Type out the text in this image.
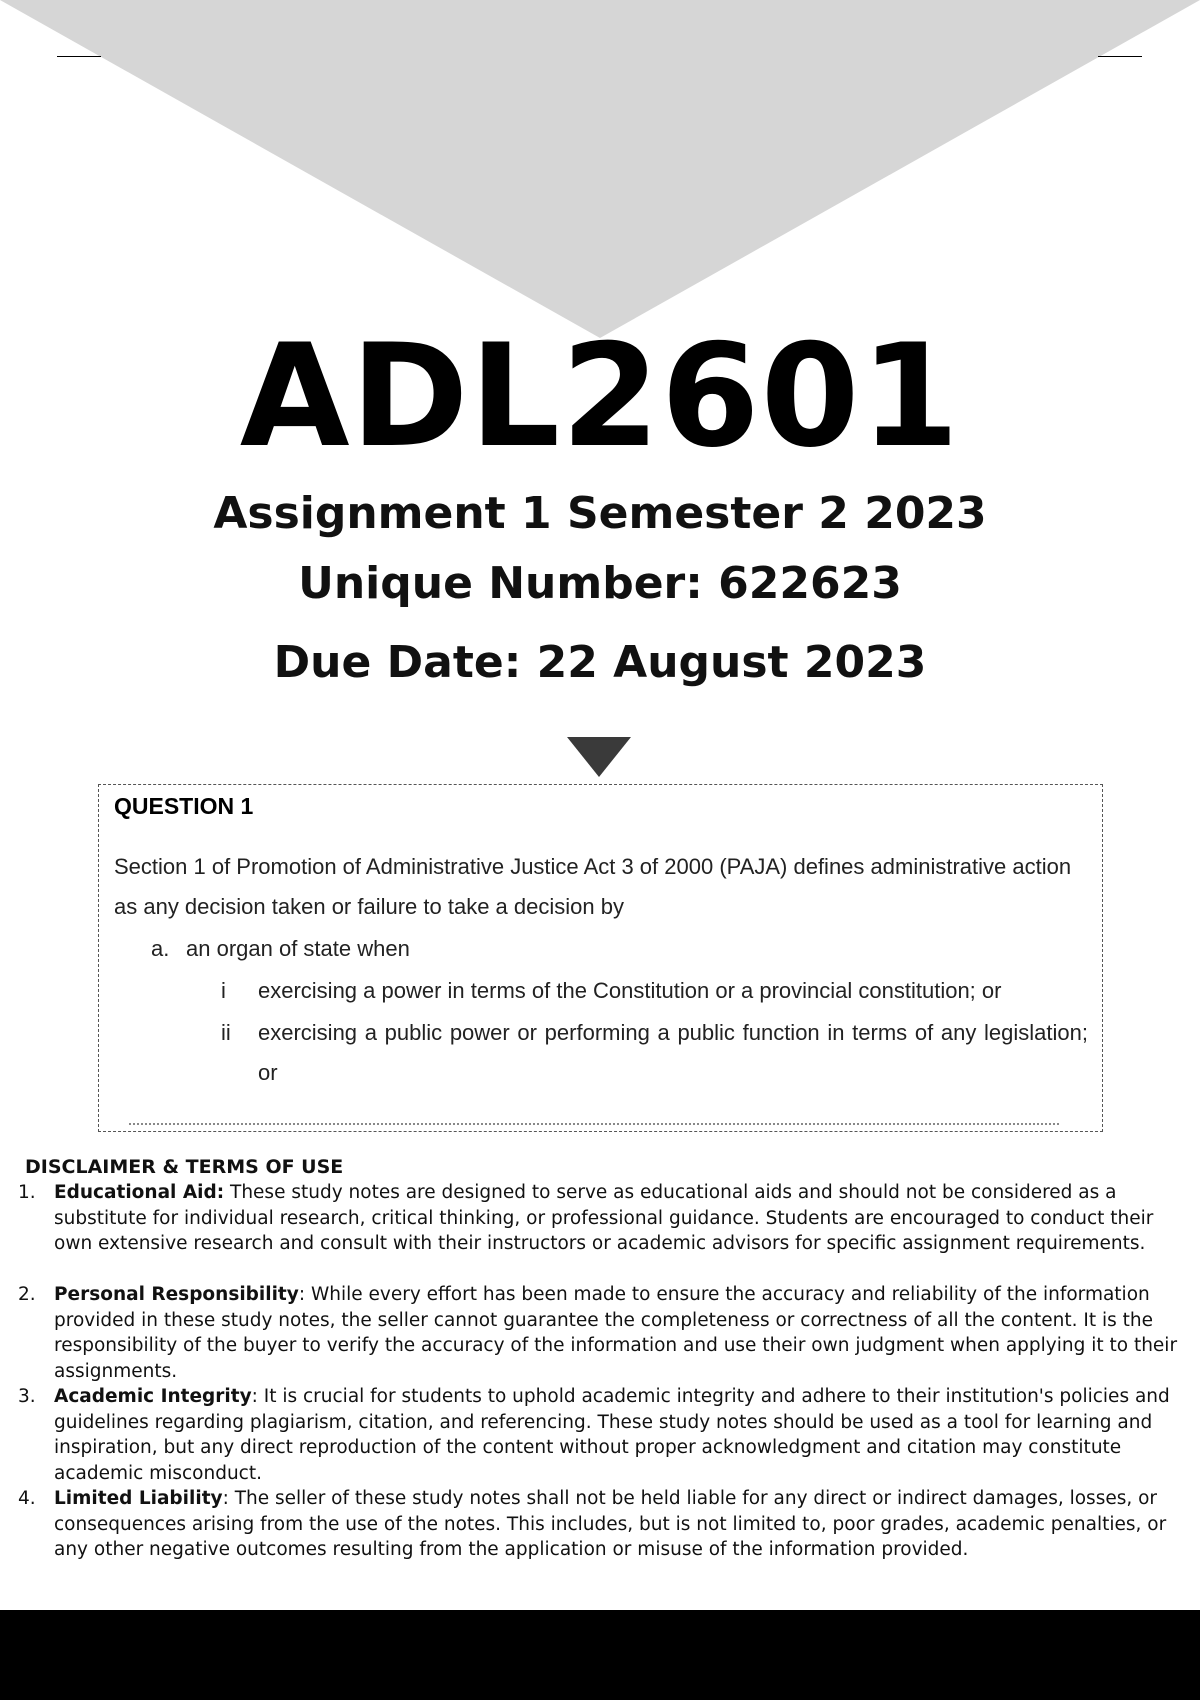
ADL2601
Assignment 1 Semester 2 2023
Unique Number: 622623
Due Date: 22 August 2023
QUESTION 1
Section 1 of Promotion of Administrative Justice Act 3 of 2000 (PAJA) defines administrative action as any decision taken or failure to take a decision by
a. an organ of state when
i exercising a power in terms of the Constitution or a provincial constitution; or
ii exercising a public power or performing a public function in terms of any legislation; or
DISCLAIMER & TERMS OF USE
1. Educational Aid: These study notes are designed to serve as educational aids and should not be considered as a substitute for individual research, critical thinking, or professional guidance. Students are encouraged to conduct their own extensive research and consult with their instructors or academic advisors for specific assignment requirements.
2. Personal Responsibility: While every effort has been made to ensure the accuracy and reliability of the information provided in these study notes, the seller cannot guarantee the completeness or correctness of all the content. It is the responsibility of the buyer to verify the accuracy of the information and use their own judgment when applying it to their assignments.
3. Academic Integrity: It is crucial for students to uphold academic integrity and adhere to their institution's policies and guidelines regarding plagiarism, citation, and referencing. These study notes should be used as a tool for learning and inspiration, but any direct reproduction of the content without proper acknowledgment and citation may constitute academic misconduct.
4. Limited Liability: The seller of these study notes shall not be held liable for any direct or indirect damages, losses, or consequences arising from the use of the notes. This includes, but is not limited to, poor grades, academic penalties, or any other negative outcomes resulting from the application or misuse of the information provided.
